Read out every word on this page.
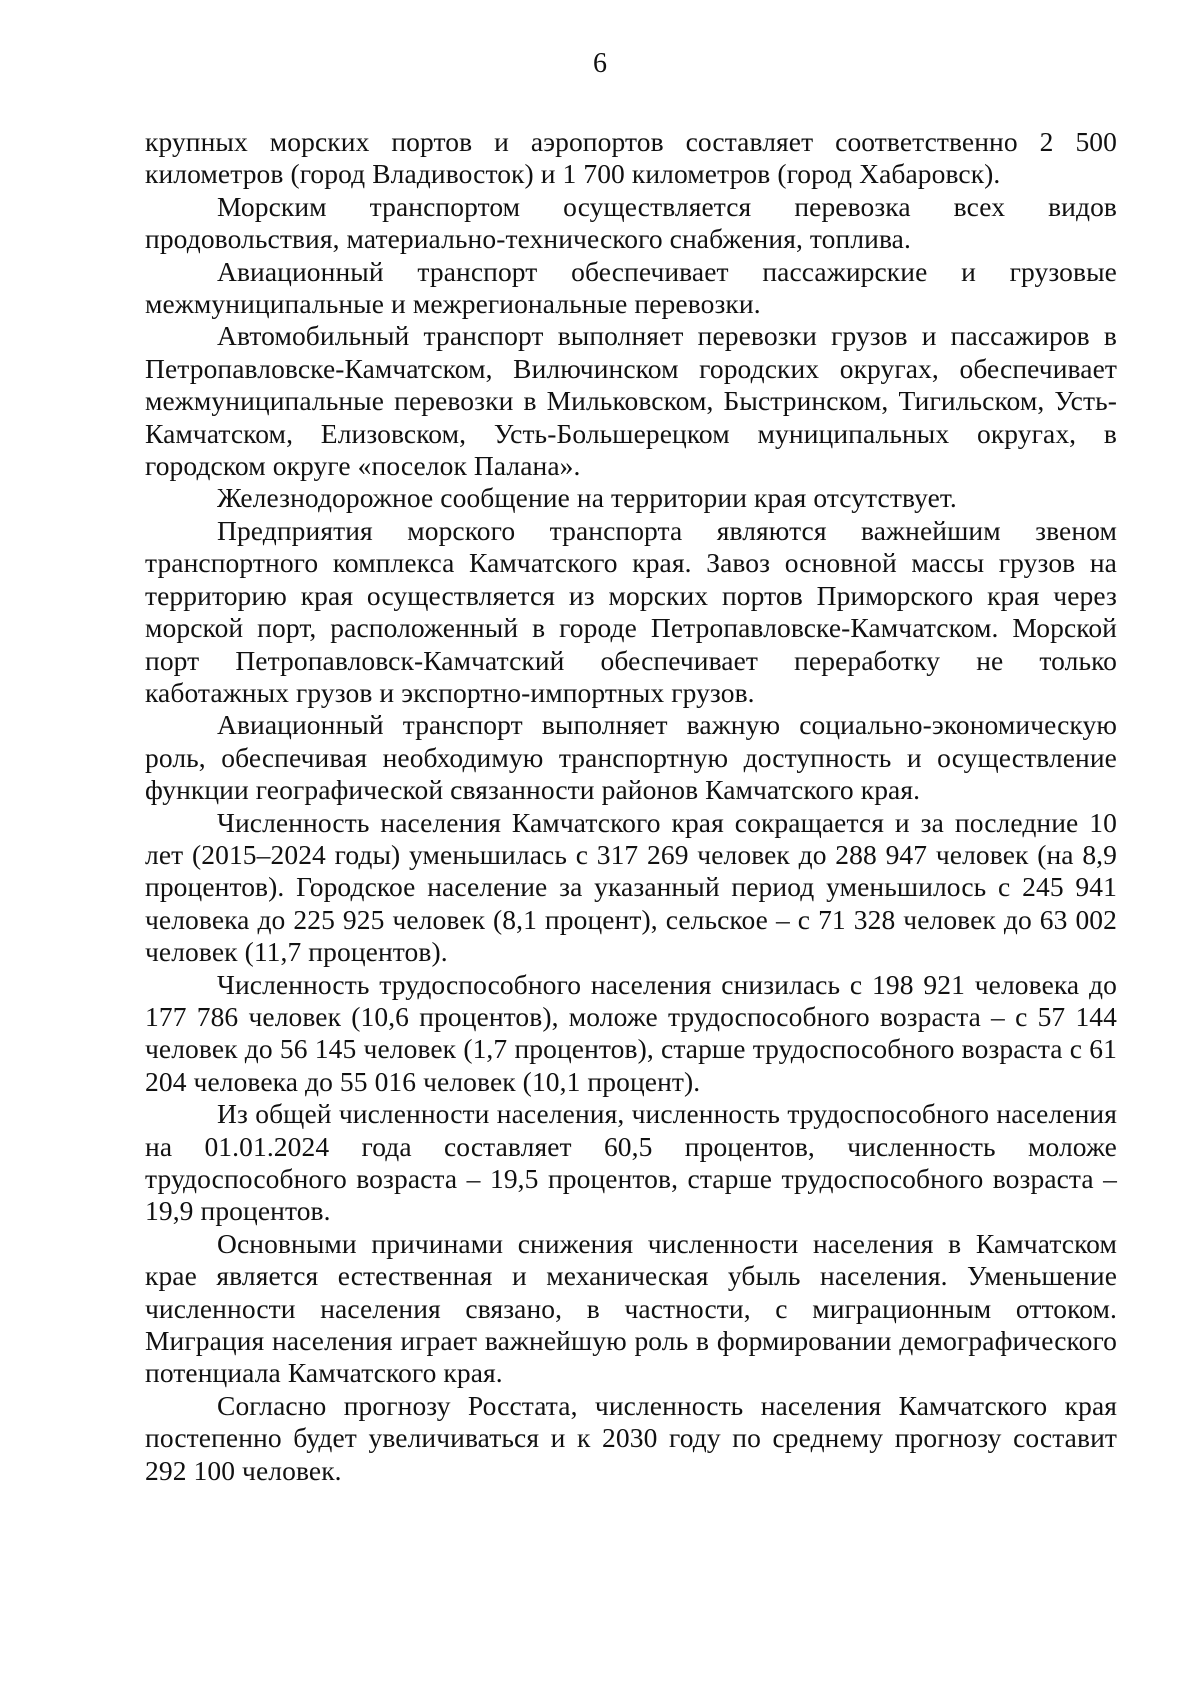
6

крупных морских портов и аэропортов составляет соответственно 2 500 километров (город Владивосток) и 1 700 километров (город Хабаровск).

Морским транспортом осуществляется перевозка всех видов продовольствия, материально-технического снабжения, топлива.

Авиационный транспорт обеспечивает пассажирские и грузовые межмуниципальные и межрегиональные перевозки.

Автомобильный транспорт выполняет перевозки грузов и пассажиров в Петропавловске-Камчатском, Вилючинском городских округах, обеспечивает межмуниципальные перевозки в Мильковском, Быстринском, Тигильском, Усть-Камчатском, Елизовском, Усть-Большерецком муниципальных округах, в городском округе «поселок Палана».

Железнодорожное сообщение на территории края отсутствует.

Предприятия морского транспорта являются важнейшим звеном транспортного комплекса Камчатского края. Завоз основной массы грузов на территорию края осуществляется из морских портов Приморского края через морской порт, расположенный в городе Петропавловске-Камчатском. Морской порт Петропавловск-Камчатский обеспечивает переработку не только каботажных грузов и экспортно-импортных грузов.

Авиационный транспорт выполняет важную социально-экономическую роль, обеспечивая необходимую транспортную доступность и осуществление функции географической связанности районов Камчатского края.

Численность населения Камчатского края сокращается и за последние 10 лет (2015–2024 годы) уменьшилась с 317 269 человек до 288 947 человек (на 8,9 процентов). Городское население за указанный период уменьшилось с 245 941 человека до 225 925 человек (8,1 процент), сельское – с 71 328 человек до 63 002 человек (11,7 процентов).

Численность трудоспособного населения снизилась с 198 921 человека до 177 786 человек (10,6 процентов), моложе трудоспособного возраста – с 57 144 человек до 56 145 человек (1,7 процентов), старше трудоспособного возраста с 61 204 человека до 55 016 человек (10,1 процент).

Из общей численности населения, численность трудоспособного населения на 01.01.2024 года составляет 60,5 процентов, численность моложе трудоспособного возраста – 19,5 процентов, старше трудоспособного возраста – 19,9 процентов.

Основными причинами снижения численности населения в Камчатском крае является естественная и механическая убыль населения. Уменьшение численности населения связано, в частности, с миграционным оттоком. Миграция населения играет важнейшую роль в формировании демографического потенциала Камчатского края.

Согласно прогнозу Росстата, численность населения Камчатского края постепенно будет увеличиваться и к 2030 году по среднему прогнозу составит 292 100 человек.
